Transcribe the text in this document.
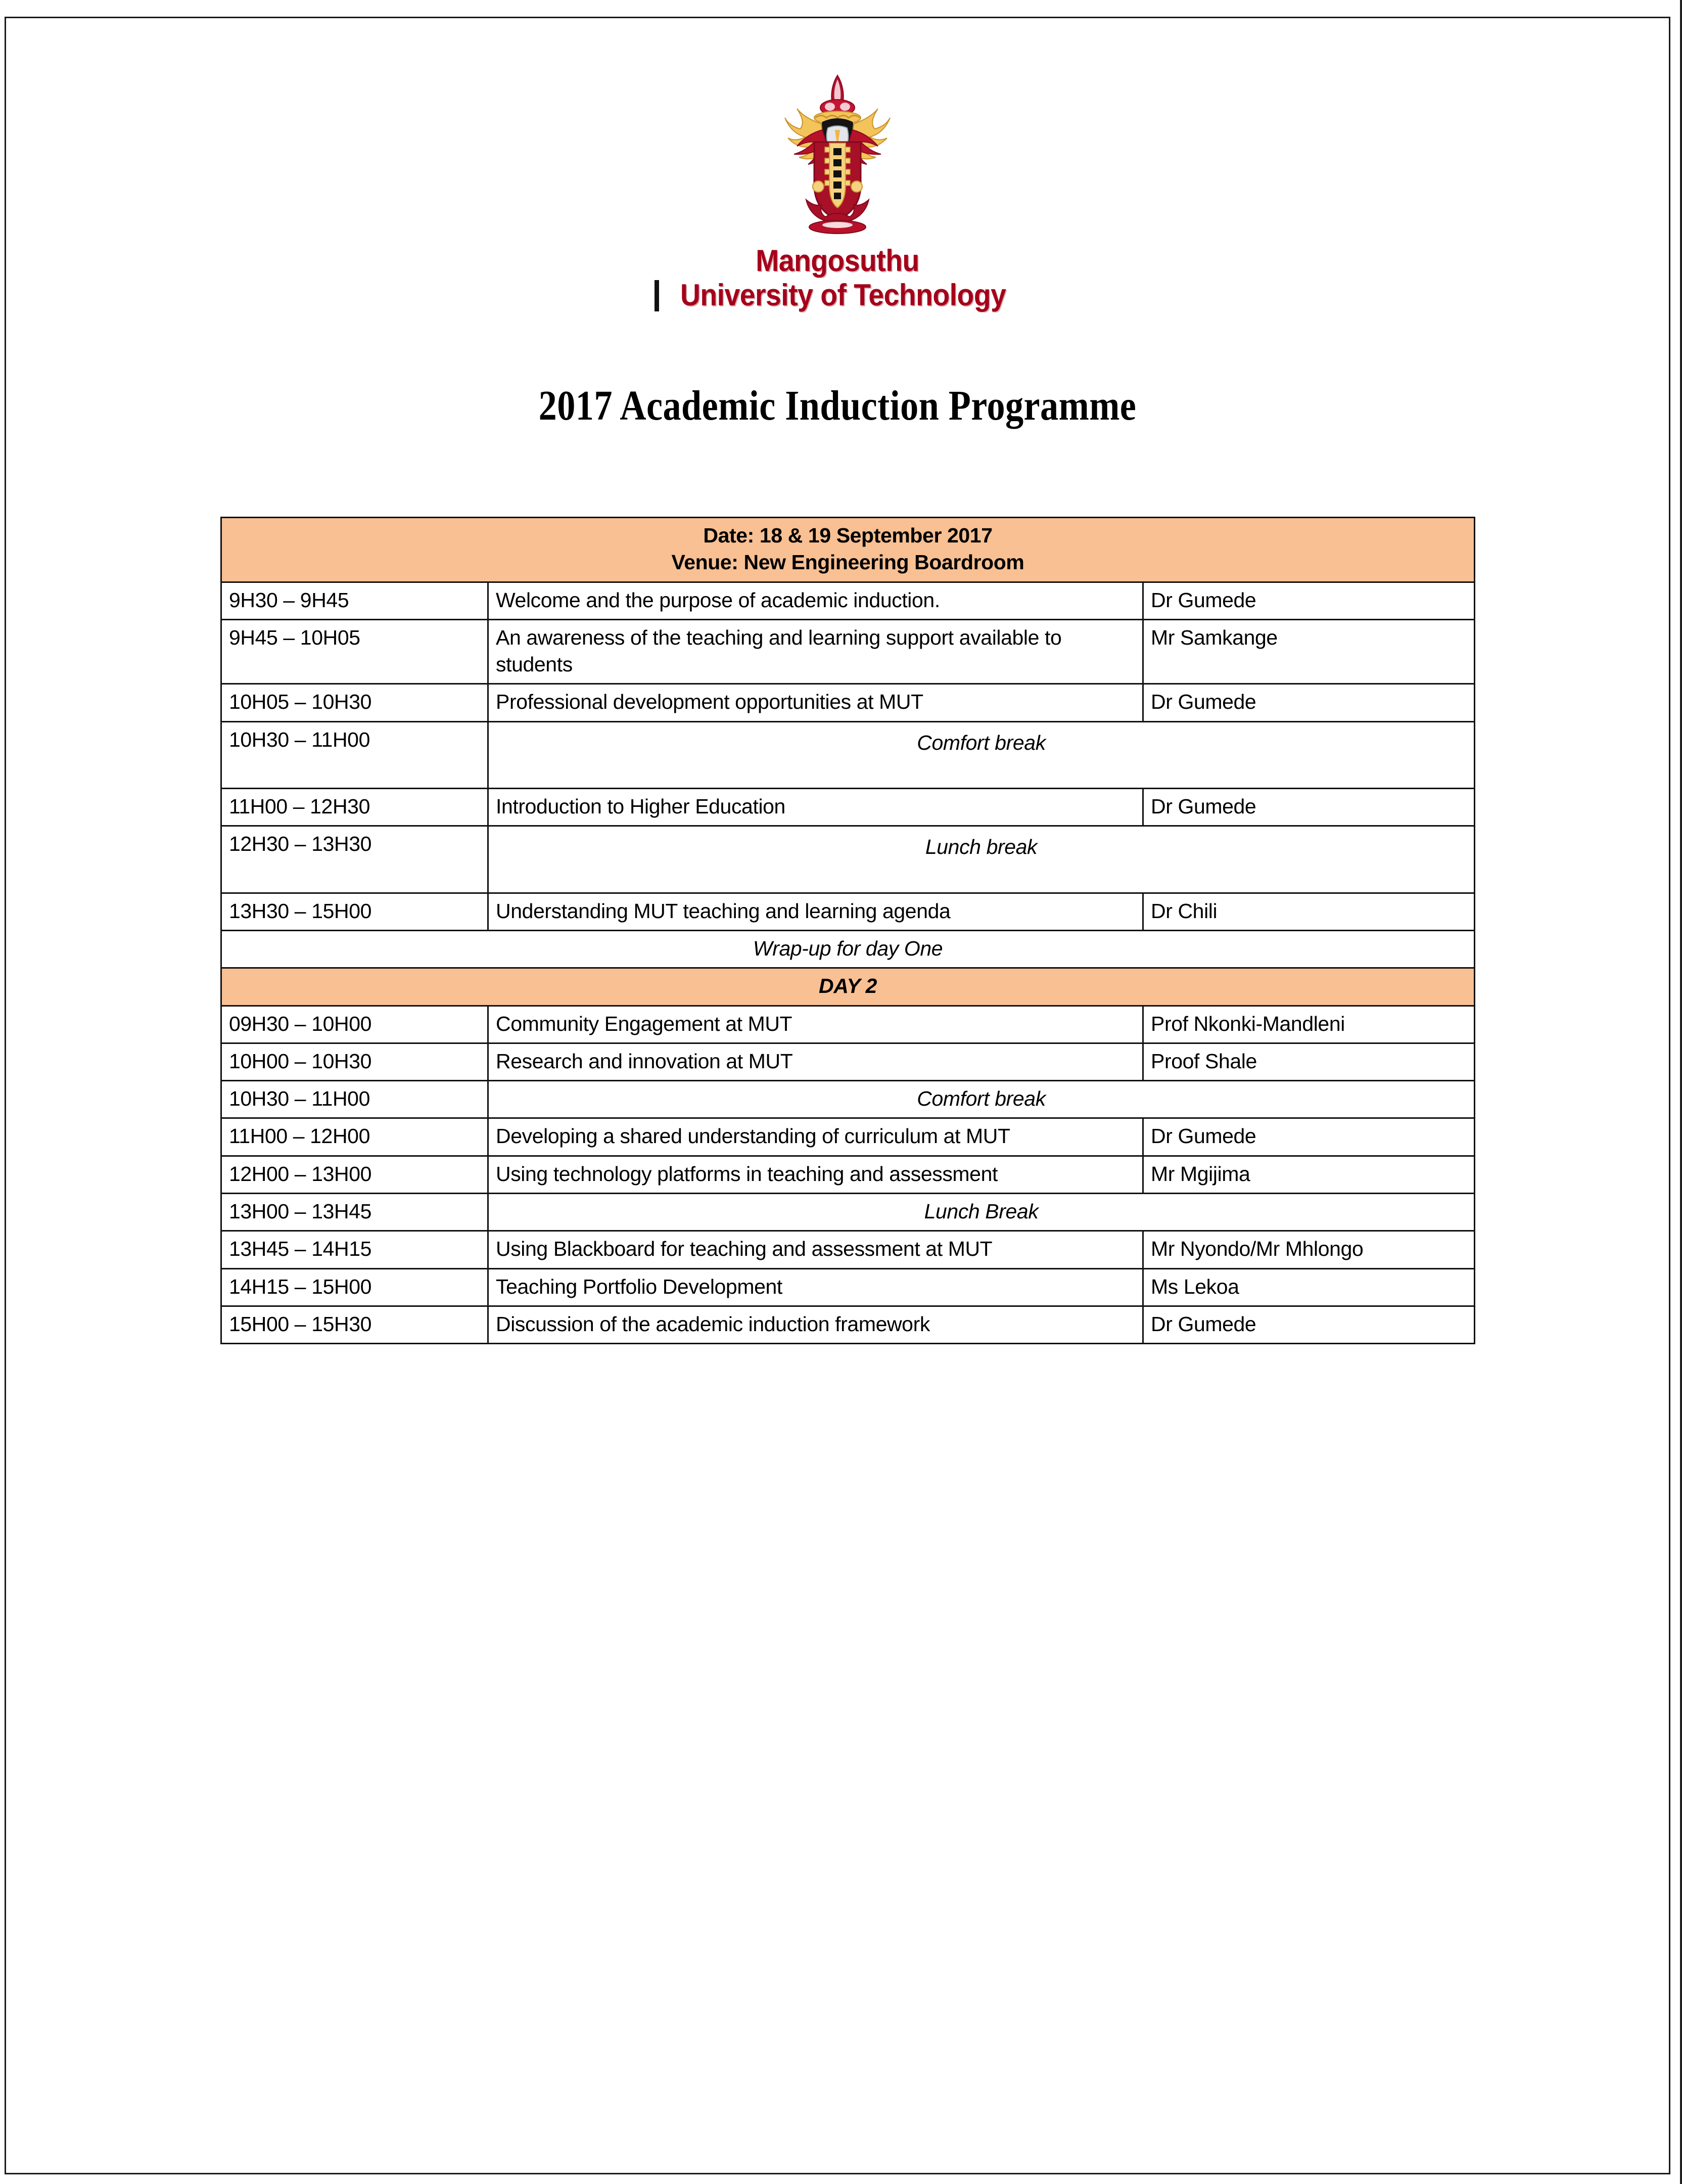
Mangosuthu
University of Technology
2017 Academic Induction Programme
Date: 18 & 19 September 2017
Venue: New Engineering Boardroom		

9H30 – 9H45	Welcome and the purpose of academic induction.	Dr Gumede
9H45 – 10H05	An awareness of the teaching and learning support available to students	Mr Samkange
10H05 – 10H30	Professional development opportunities at MUT	Dr Gumede
10H30 – 11H00	Comfort break	
11H00 – 12H30	Introduction to Higher Education	Dr Gumede
12H30 – 13H30	Lunch break	
13H30 – 15H00	Understanding MUT teaching and learning agenda	Dr Chili
Wrap-up for day One		
DAY 2		
09H30 – 10H00	Community Engagement at MUT	Prof Nkonki-Mandleni
10H00 – 10H30	Research and innovation at MUT	Proof Shale
10H30 – 11H00	Comfort break	
11H00 – 12H00	Developing a shared understanding of curriculum at MUT	Dr Gumede
12H00 – 13H00	Using technology platforms in teaching and assessment	Mr Mgijima
13H00 – 13H45	Lunch Break	
13H45 – 14H15	Using Blackboard for teaching and assessment at MUT	Mr Nyondo/Mr Mhlongo
14H15 – 15H00	Teaching Portfolio Development	Ms Lekoa
15H00 – 15H30	Discussion of the academic induction framework	Dr Gumede
